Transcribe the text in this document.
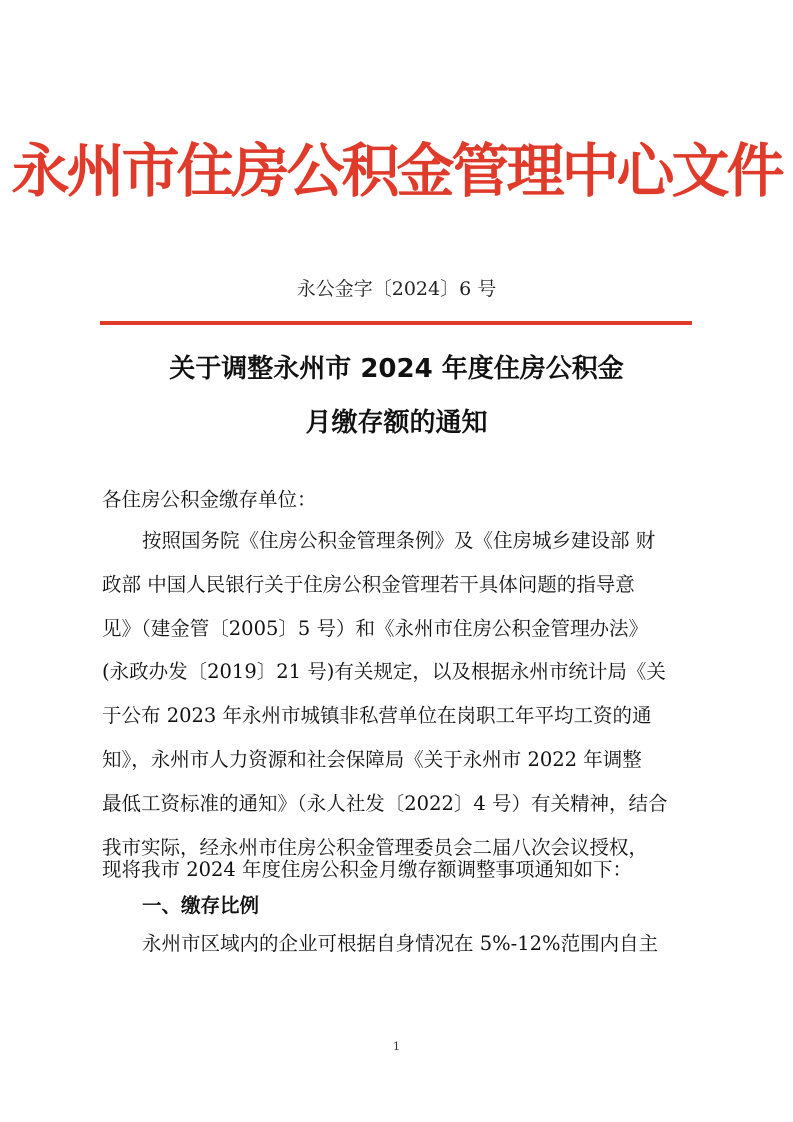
永州市住房公积金管理中心文件
永公金字〔2024〕6 号
关于调整永州市 2024 年度住房公积金
月缴存额的通知
各住房公积金缴存单位：
按照国务院《住房公积金管理条例》及《住房城乡建设部 财
政部 中国人民银行关于住房公积金管理若干具体问题的指导意
见》（建金管〔2005〕5 号）和《永州市住房公积金管理办法》
(永政办发〔2019〕21 号)有关规定，以及根据永州市统计局《关
于公布 2023 年永州市城镇非私营单位在岗职工年平均工资的通
知》，永州市人力资源和社会保障局《关于永州市 2022 年调整
最低工资标准的通知》（永人社发〔2022〕4 号）有关精神，结合
我市实际，经永州市住房公积金管理委员会二届八次会议授权，
现将我市 2024 年度住房公积金月缴存额调整事项通知如下：
一、缴存比例
永州市区域内的企业可根据自身情况在 5%-12%范围内自主
1
